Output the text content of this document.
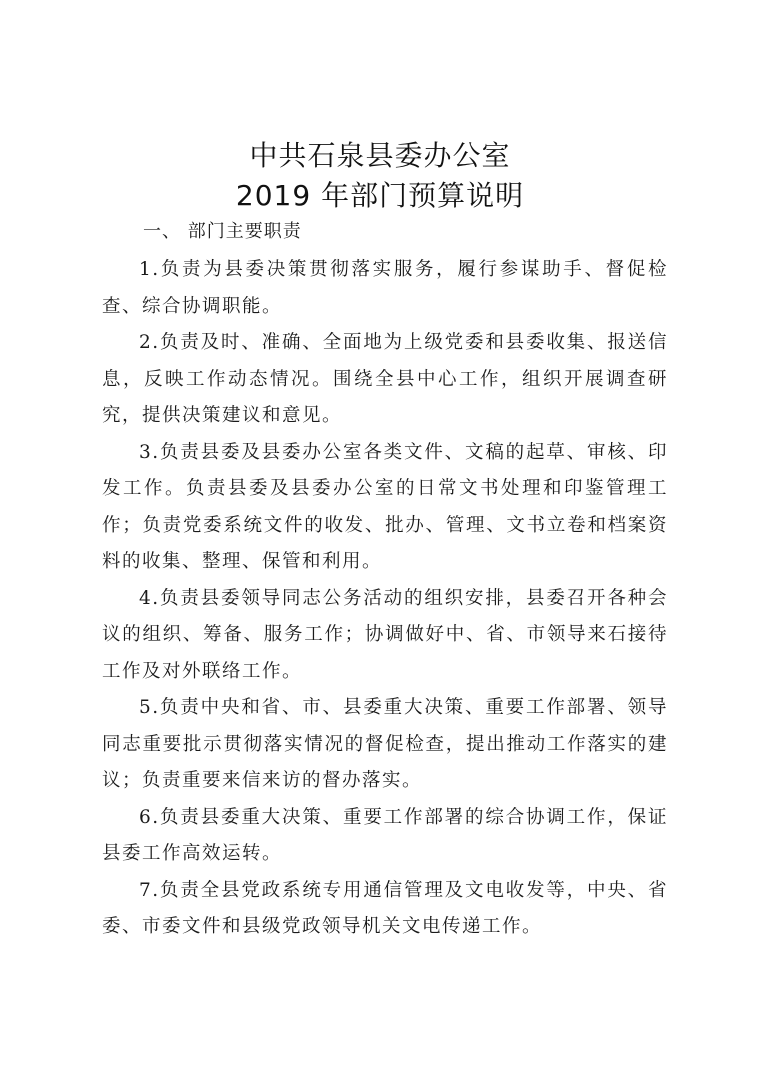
中共石泉县委办公室
2019 年部门预算说明
一、 部门主要职责

1.负责为县委决策贯彻落实服务，履行参谋助手、督促检查、综合协调职能。

2.负责及时、准确、全面地为上级党委和县委收集、报送信息，反映工作动态情况。围绕全县中心工作，组织开展调查研究，提供决策建议和意见。

3.负责县委及县委办公室各类文件、文稿的起草、审核、印发工作。负责县委及县委办公室的日常文书处理和印鉴管理工作；负责党委系统文件的收发、批办、管理、文书立卷和档案资料的收集、整理、保管和利用。

4.负责县委领导同志公务活动的组织安排，县委召开各种会议的组织、筹备、服务工作；协调做好中、省、市领导来石接待工作及对外联络工作。

5.负责中央和省、市、县委重大决策、重要工作部署、领导同志重要批示贯彻落实情况的督促检查，提出推动工作落实的建议；负责重要来信来访的督办落实。

6.负责县委重大决策、重要工作部署的综合协调工作，保证县委工作高效运转。

7.负责全县党政系统专用通信管理及文电收发等，中央、省委、市委文件和县级党政领导机关文电传递工作。
